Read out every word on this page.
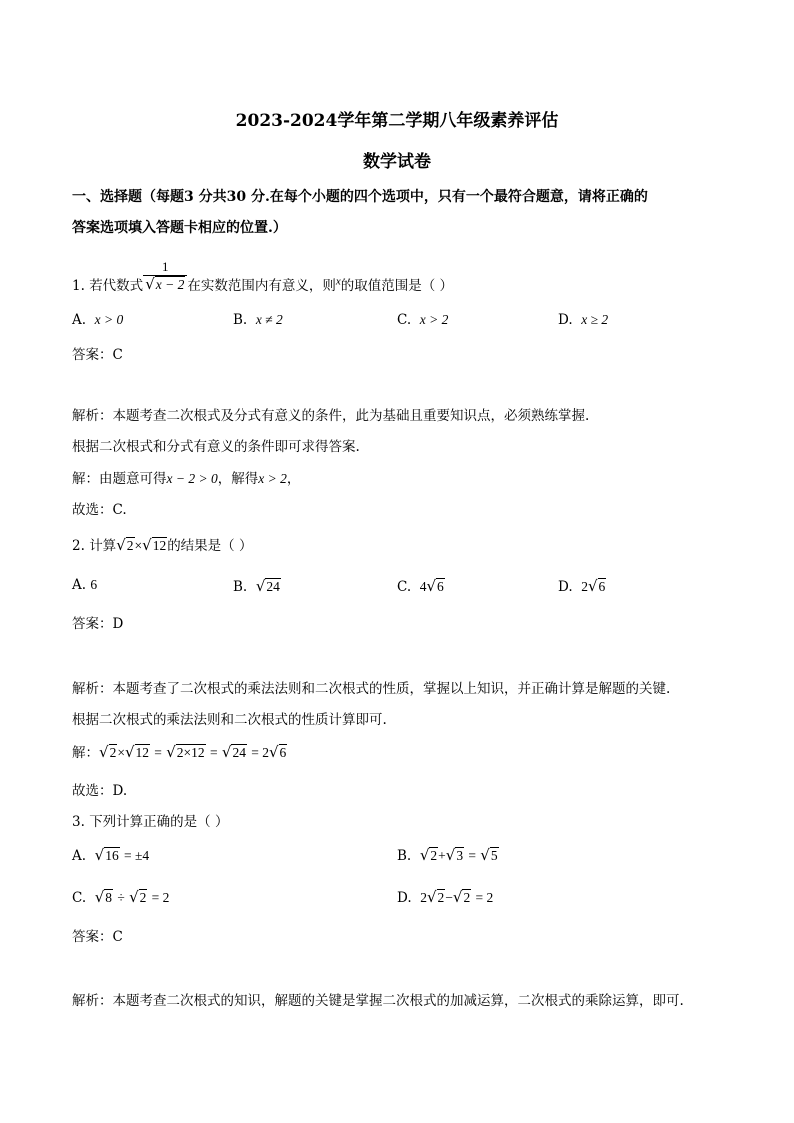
2023-2024学年第二学期八年级素养评估
数学试卷
一、选择题（每题3 分共30 分.在每个小题的四个选项中，只有一个最符合题意，请将正确的
答案选项填入答题卡相应的位置.）
1. 若代数式 $\frac{1}{√x - 2}$ 在实数范围内有意义，则$^x$的取值范围是（ ）
A. x > 0	B. x ≠ 2	C. x > 2	D. x ≥ 2
答案：C
解析：本题考查二次根式及分式有意义的条件，此为基础且重要知识点，必须熟练掌握.
根据二次根式和分式有意义的条件即可求得答案.
解：由题意可得x − 2 > 0，解得x > 2，
故选：C.
2. 计算√2×√12的结果是（ ）
A. 6	B. √24	C. 4√6	D. 2√6
答案：D
解析：本题考查了二次根式的乘法法则和二次根式的性质，掌握以上知识，并正确计算是解题的关键.
根据二次根式的乘法法则和二次根式的性质计算即可.
解：√2×√12 = √2×12 = √24 = 2√6
故选：D.
3. 下列计算正确的是（ ）
A. √16 = ±4	B. √2+√3 = √5
C. √8 ÷ √2 = 2	D. 2√2−√2 = 2
答案：C
解析：本题考查二次根式的知识，解题的关键是掌握二次根式的加减运算，二次根式的乘除运算，即可.
